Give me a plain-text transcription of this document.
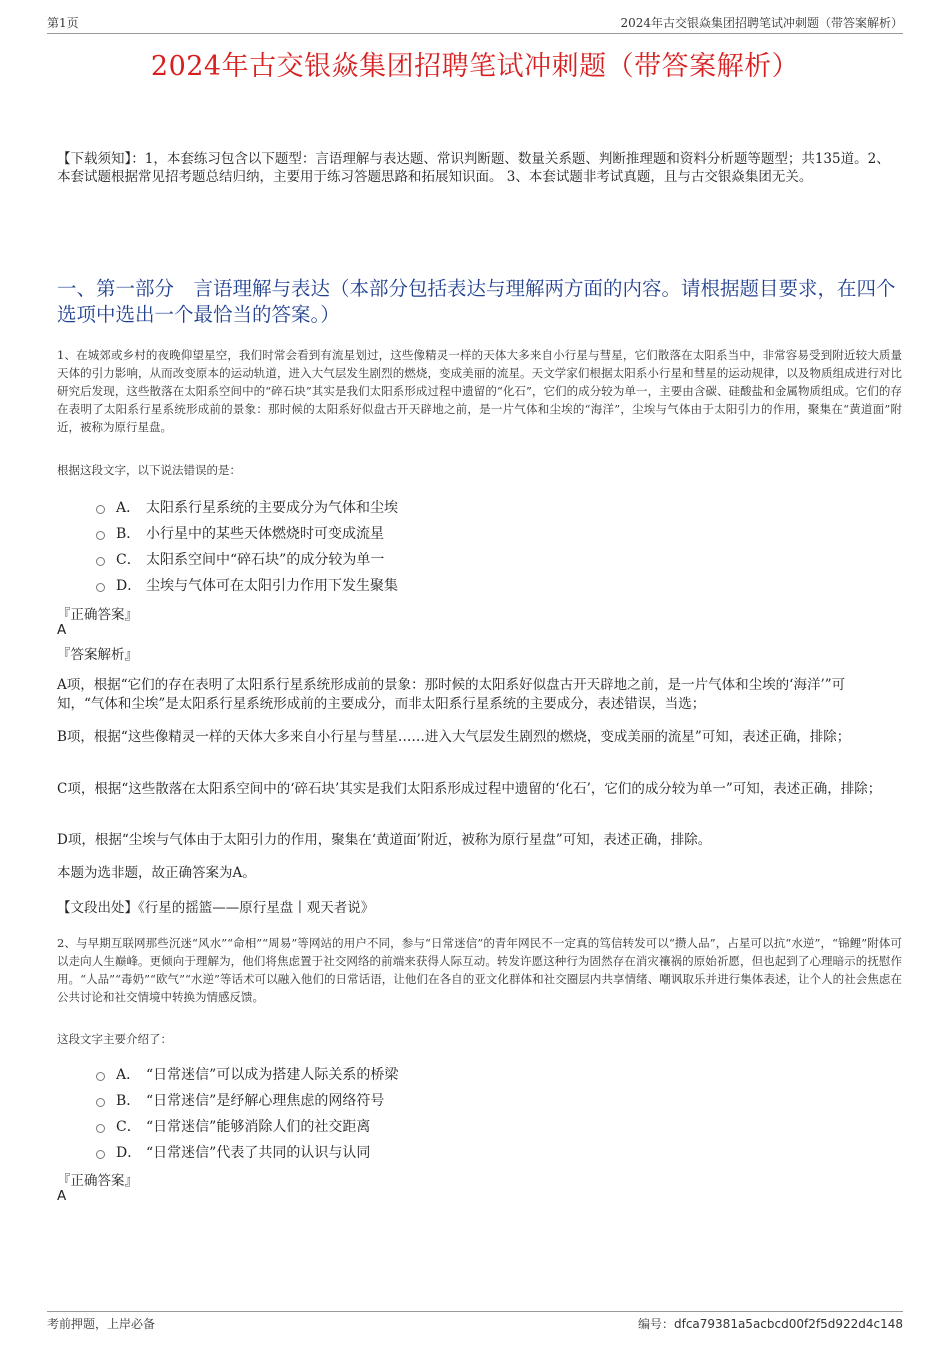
第1页	2024年古交银焱集团招聘笔试冲刺题（带答案解析）
2024年古交银焱集团招聘笔试冲刺题（带答案解析）
【下载须知】：1，本套练习包含以下题型：言语理解与表达题、常识判断题、数量关系题、判断推理题和资料分析题等题型；共135道。2、本套试题根据常见招考题总结归纳，主要用于练习答题思路和拓展知识面。 3、本套试题非考试真题，且与古交银焱集团无关。
一、第一部分　言语理解与表达（本部分包括表达与理解两方面的内容。请根据题目要求，在四个选项中选出一个最恰当的答案。）
1、在城郊或乡村的夜晚仰望星空，我们时常会看到有流星划过，这些像精灵一样的天体大多来自小行星与彗星，它们散落在太阳系当中，非常容易受到附近较大质量天体的引力影响，从而改变原本的运动轨道，进入大气层发生剧烈的燃烧，变成美丽的流星。天文学家们根据太阳系小行星和彗星的运动规律，以及物质组成进行对比研究后发现，这些散落在太阳系空间中的“碎石块”其实是我们太阳系形成过程中遗留的“化石”，它们的成分较为单一，主要由含碳、硅酸盐和金属物质组成。它们的存在表明了太阳系行星系统形成前的景象：那时候的太阳系好似盘古开天辟地之前，是一片气体和尘埃的“海洋”，尘埃与气体由于太阳引力的作用，聚集在“黄道面”附近，被称为原行星盘。
根据这段文字，以下说法错误的是：
A． 太阳系行星系统的主要成分为气体和尘埃
B． 小行星中的某些天体燃烧时可变成流星
C． 太阳系空间中“碎石块”的成分较为单一
D． 尘埃与气体可在太阳引力作用下发生聚集
『正确答案』
A
『答案解析』
A项，根据“它们的存在表明了太阳系行星系统形成前的景象：那时候的太阳系好似盘古开天辟地之前，是一片气体和尘埃的‘海洋’”可知，“气体和尘埃”是太阳系行星系统形成前的主要成分，而非太阳系行星系统的主要成分，表述错误，当选；
B项，根据“这些像精灵一样的天体大多来自小行星与彗星……进入大气层发生剧烈的燃烧，变成美丽的流星”可知，表述正确，排除；
C项，根据“这些散落在太阳系空间中的‘碎石块’其实是我们太阳系形成过程中遗留的‘化石’，它们的成分较为单一”可知，表述正确，排除；
D项，根据“尘埃与气体由于太阳引力的作用，聚集在‘黄道面’附近，被称为原行星盘”可知，表述正确，排除。
本题为选非题，故正确答案为A。
【文段出处】《行星的摇篮——原行星盘丨观天者说》
2、与早期互联网那些沉迷“风水”“命相”“周易”等网站的用户不同，参与“日常迷信”的青年网民不一定真的笃信转发可以“攒人品”，占星可以抗“水逆”，“锦鲤”附体可以走向人生巅峰。更倾向于理解为，他们将焦虑置于社交网络的前端来获得人际互动。转发许愿这种行为固然存在消灾禳祸的原始祈愿，但也起到了心理暗示的抚慰作用。“人品”“毒奶”“欧气”“水逆”等话术可以融入他们的日常话语，让他们在各自的亚文化群体和社交圈层内共享情绪、嘲讽取乐并进行集体表述，让个人的社会焦虑在公共讨论和社交情境中转换为情感反馈。
这段文字主要介绍了：
A． “日常迷信”可以成为搭建人际关系的桥梁
B． “日常迷信”是纾解心理焦虑的网络符号
C． “日常迷信”能够消除人们的社交距离
D． “日常迷信”代表了共同的认识与认同
『正确答案』
A
考前押题，上岸必备	编号：dfca79381a5acbcd00f2f5d922d4c148
